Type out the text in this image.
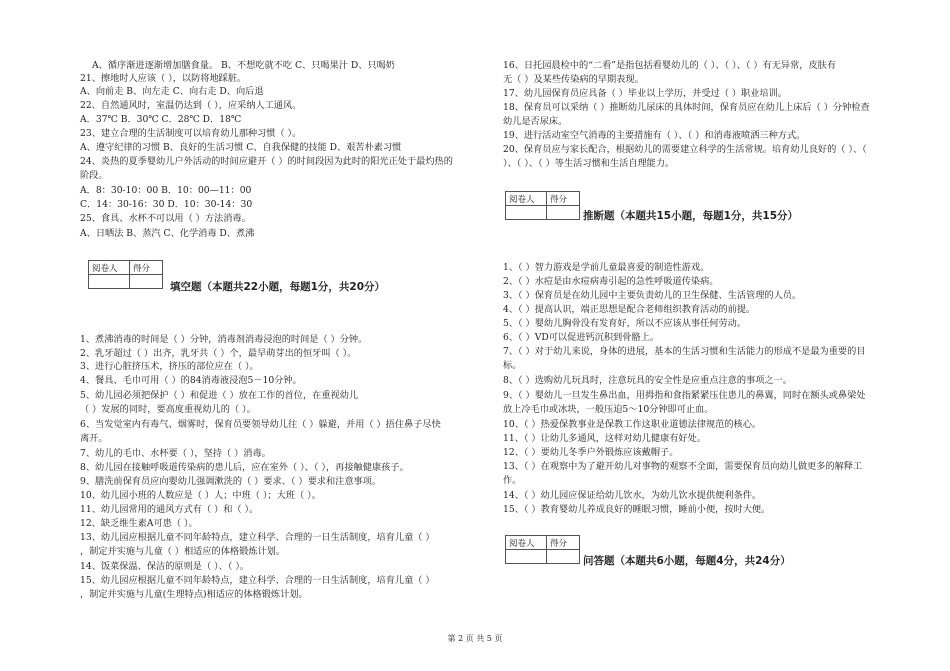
A、循序渐进逐渐增加膳食量。 B、不想吃就不吃 C、只喝果汁 D、只喝奶
21、擦地时人应该（ ），以防将地踩脏。
A、向前走 B、向左走 C、向右走 D、向后退
22、自然通风时，室温仍达到（ ），应采纳人工通风。
A．37℃ B．30℃ C．28℃ D．18℃
23、建立合理的生活制度可以培育幼儿那种习惯（ ）。
A、遵守纪律的习惯 B、良好的生活习惯 C、自我保健的技能 D、艰苦朴素习惯
24、炎热的夏季婴幼儿户外活动的时间应避开（ ）的时间段因为此时的阳光正处于最灼热的
阶段。
A．8：30-10：00 B．10：00—11：00
C．14：30-16：30 D．10：30-14：30
25、食具、水杯不可以用（ ）方法消毒。
A、日晒法 B、蒸汽 C、化学消毒 D、煮沸
阅卷人	得分

填空题（本题共22小题，每题1分，共20分）
1、煮沸消毒的时间是（ ）分钟，消毒剂消毒浸泡的时间是（ ）分钟。
2、乳牙超过（ ）出齐，乳牙共（ ）个，最早萌芽出的恒牙叫（ ）。
3、进行心脏挤压术，挤压的部位应在（ ）。
4、餐具、毛巾可用（ ）的84消毒液浸泡5－10分钟。
5、幼儿园必须把保护（ ）和促进（ ）放在工作的首位，在重视幼儿
（ ）发展的同时，要高度重视幼儿的（ ）。
6、当发觉室内有毒气、烟雾时，保育员要领导幼儿往（ ）躲避，并用（ ）捂住鼻子尽快
离开。
7、幼儿的毛巾、水杯要（ ），坚持（ ）消毒。
8、幼儿园在接触呼吸道传染病的患儿后，应在室外（ ）、（ ），再接触健康孩子。
9、膳洗前保育员应向婴幼儿强调漱洗的（ ）要求、（ ）要求和注意事项。
10、幼儿园小班的人数应是（ ）人；中班（ ）；大班（ ）。
11、幼儿园常用的通风方式有（ ）和（ ）。
12、缺乏维生素A可患（ ）。
13、幼儿园应根据儿童不同年龄特点，建立科学、合理的一日生活制度，培育儿童（ ）
，制定并实施与儿童（ ）相适应的体格锻炼计划。
14、饭菜保温、保洁的原则是（ ）、（ ）。
15、幼儿园应根据儿童不同年龄特点，建立科学、合理的一日生活制度，培育儿童（ ）
，制定并实施与儿童(生理特点)相适应的体格锻炼计划。
16、日托园晨检中的“二看”是指包括看婴幼儿的（ ）、（ ）、（ ）有无异常，皮肤有
无（ ）及某些传染病的早期表现。
17、幼儿园保育员应具备（ ）毕业以上学历，并受过（ ）职业培训。
18、保育员可以采纳（ ）推断幼儿尿床的具体时间，保育员应在幼儿上床后（ ）分钟检查
幼儿是否尿床。
19、进行活动室空气消毒的主要措施有（ ）、（ ）和消毒液喷洒三种方式。
20、保育员应与家长配合，根据幼儿的需要建立科学的生活常规。培育幼儿良好的（ ）、（
）、（ ）、（ ）等生活习惯和生活自理能力。
阅卷人	得分

推断题（本题共15小题，每题1分，共15分）
1、（ ）智力游戏是学前儿童最喜爱的制造性游戏。
2、（ ）水痘是由水痘病毒引起的急性呼吸道传染病。
3、（ ）保育员是在幼儿园中主要负责幼儿的卫生保健、生活管理的人员。
4、（ ）提高认识，端正思想是配合老师组织教育活动的前提。
5、（ ）婴幼儿胸骨没有发育好，所以不应该从事任何劳动。
6、（ ）VD可以促进钙沉积到骨骼上。
7、（ ）对于幼儿来说，身体的进展，基本的生活习惯和生活能力的形成不是最为重要的目
标。
8、（ ）选购幼儿玩具时，注意玩具的安全性是应重点注意的事项之一。
9、（ ）婴幼儿一旦发生鼻出血，用拇指和食指紧紧压住患儿的鼻翼，同时在额头或鼻梁处
放上冷毛巾或冰块，一般压迫5～10分钟即可止血。
10、（ ）热爱保教事业是保教工作这职业道德法律规范的核心。
11、（ ）让幼儿多通风，这样对幼儿健康有好处。
12、（ ）要幼儿冬季户外锻炼应该戴帽子。
13、（ ）在观察中为了避开幼儿对事物的观察不全面，需要保育员向幼儿做更多的解释工
作。
14、（ ）幼儿园应保证给幼儿饮水，为幼儿饮水提供便利条件。
15、（ ）教育婴幼儿养成良好的睡眠习惯，睡前小便，按时大便。
阅卷人	得分

问答题（本题共6小题，每题4分，共24分）
第 2 页 共 5 页
